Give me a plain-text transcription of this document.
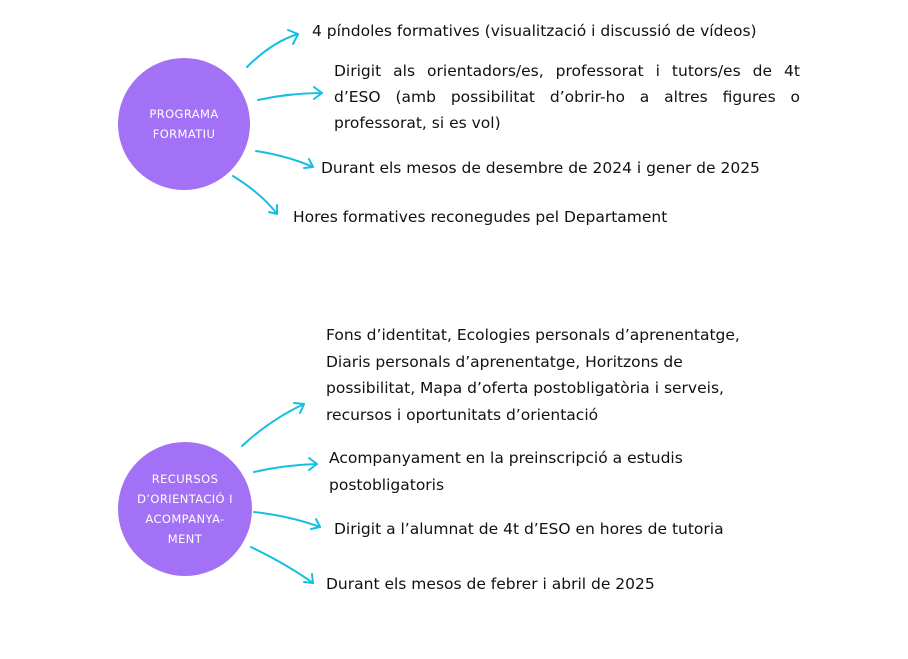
PROGRAMA
FORMATIU
4 píndoles formatives (visualització i discussió de vídeos)
Dirigit als orientadors/es, professorat i tutors/es de 4t
d’ESO (amb possibilitat d’obrir-ho a altres figures o
professorat, si es vol)
Durant els mesos de desembre de 2024 i gener de 2025
Hores formatives reconegudes pel Departament
RECURSOS
D’ORIENTACIÓ I
ACOMPANYA-
MENT
Fons d’identitat, Ecologies personals d’aprenentatge,
Diaris personals d’aprenentatge, Horitzons de
possibilitat, Mapa d’oferta postobligatòria i serveis,
recursos i oportunitats d’orientació
Acompanyament en la preinscripció a estudis
postobligatoris
Dirigit a l’alumnat de 4t d’ESO en hores de tutoria
Durant els mesos de febrer i abril de 2025
